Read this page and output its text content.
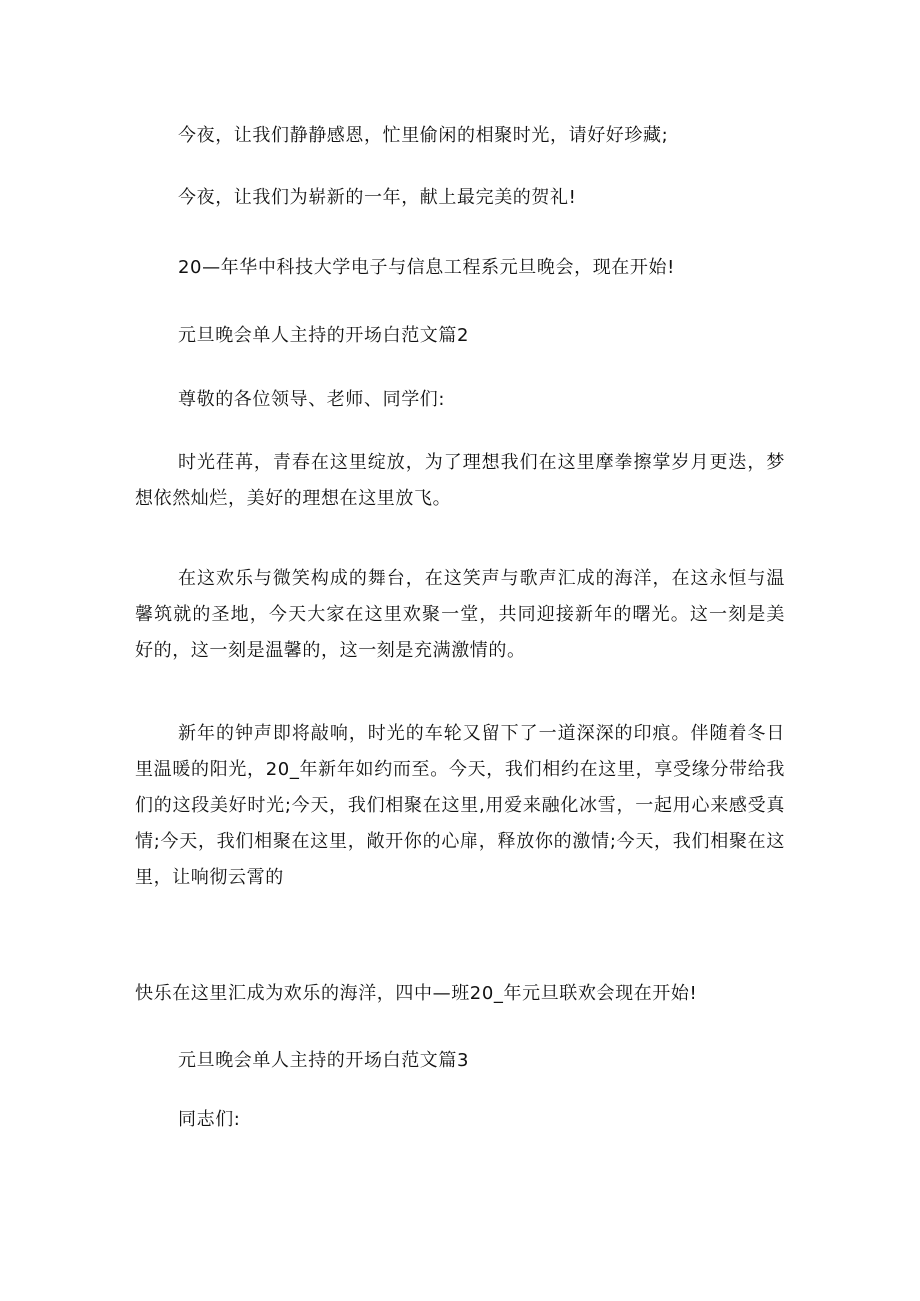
今夜，让我们静静感恩，忙里偷闲的相聚时光，请好好珍藏;
今夜，让我们为崭新的一年，献上最完美的贺礼!
20—年华中科技大学电子与信息工程系元旦晚会，现在开始!
元旦晚会单人主持的开场白范文篇2
尊敬的各位领导、老师、同学们:
时光荏苒，青春在这里绽放，为了理想我们在这里摩拳擦掌岁月更迭，梦想依然灿烂，美好的理想在这里放飞。
在这欢乐与微笑构成的舞台，在这笑声与歌声汇成的海洋，在这永恒与温馨筑就的圣地，今天大家在这里欢聚一堂，共同迎接新年的曙光。这一刻是美好的，这一刻是温馨的，这一刻是充满激情的。
新年的钟声即将敲响，时光的车轮又留下了一道深深的印痕。伴随着冬日里温暖的阳光，20_年新年如约而至。今天，我们相约在这里，享受缘分带给我们的这段美好时光;今天，我们相聚在这里,用爱来融化冰雪，一起用心来感受真情;今天，我们相聚在这里，敞开你的心扉，释放你的激情;今天，我们相聚在这里，让响彻云霄的
快乐在这里汇成为欢乐的海洋，四中—班20_年元旦联欢会现在开始!
元旦晚会单人主持的开场白范文篇3
同志们:
